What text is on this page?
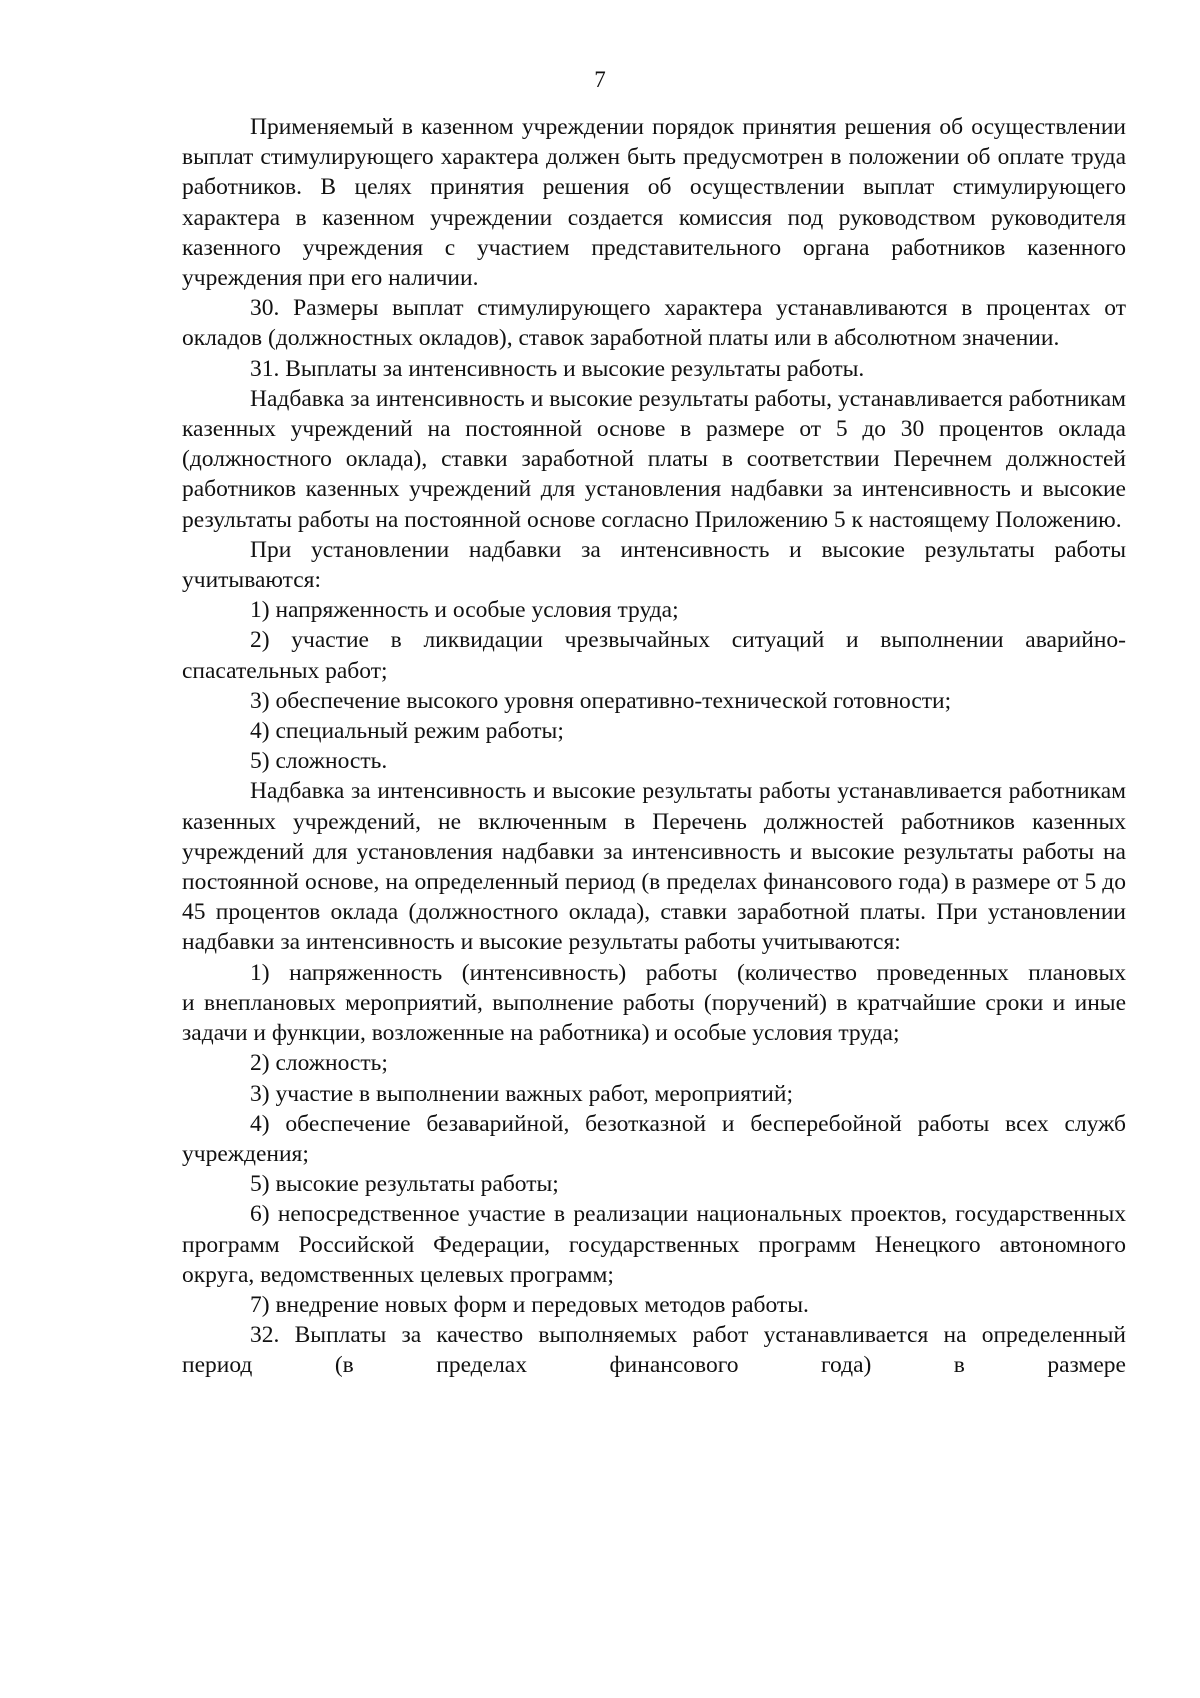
7

Применяемый в казенном учреждении порядок принятия решения об осуществлении выплат стимулирующего характера должен быть предусмотрен в положении об оплате труда работников. В целях принятия решения об осуществлении выплат стимулирующего характера в казенном учреждении создается комиссия под руководством руководителя казенного учреждения с участием представительного органа работников казенного учреждения при его наличии.

30. Размеры выплат стимулирующего характера устанавливаются в процентах от окладов (должностных окладов), ставок заработной платы или в абсолютном значении.

31. Выплаты за интенсивность и высокие результаты работы.

Надбавка за интенсивность и высокие результаты работы, устанавливается работникам казенных учреждений на постоянной основе в размере от 5 до 30 процентов оклада (должностного оклада), ставки заработной платы в соответствии Перечнем должностей работников казенных учреждений для установления надбавки за интенсивность и высокие результаты работы на постоянной основе согласно Приложению 5 к настоящему Положению.

При установлении надбавки за интенсивность и высокие результаты работы учитываются:

1) напряженность и особые условия труда;

2) участие в ликвидации чрезвычайных ситуаций и выполнении аварийно-спасательных работ;

3) обеспечение высокого уровня оперативно-технической готовности;

4) специальный режим работы;

5) сложность.

Надбавка за интенсивность и высокие результаты работы устанавливается работникам казенных учреждений, не включенным в Перечень должностей работников казенных учреждений для установления надбавки за интенсивность и высокие результаты работы на постоянной основе, на определенный период (в пределах финансового года) в размере от 5 до 45 процентов оклада (должностного оклада), ставки заработной платы. При установлении надбавки за интенсивность и высокие результаты работы учитываются:

1) напряженность (интенсивность) работы (количество проведенных плановых

и внеплановых мероприятий, выполнение работы (поручений) в кратчайшие сроки и иные задачи и функции, возложенные на работника) и особые условия труда;

2) сложность;

3) участие в выполнении важных работ, мероприятий;

4) обеспечение безаварийной, безотказной и бесперебойной работы всех служб учреждения;

5) высокие результаты работы;

6) непосредственное участие в реализации национальных проектов, государственных программ Российской Федерации, государственных программ Ненецкого автономного округа, ведомственных целевых программ;

7) внедрение новых форм и передовых методов работы.

32. Выплаты за качество выполняемых работ устанавливается на определенный период (в пределах финансового года) в размере
